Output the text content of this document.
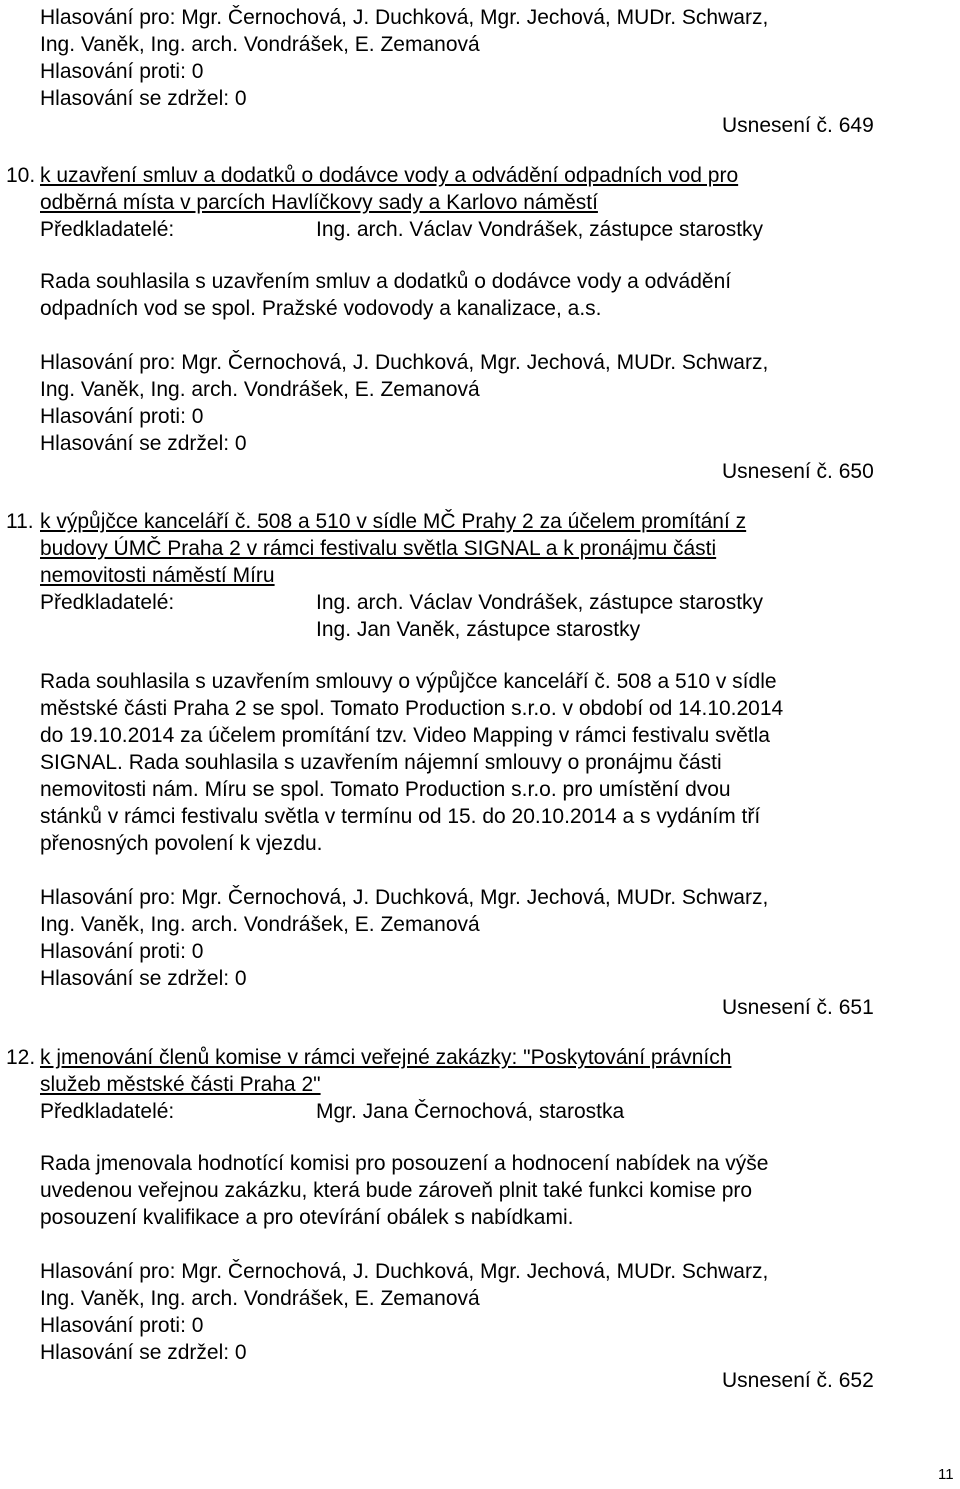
Hlasování pro: Mgr. Černochová, J. Duchková, Mgr. Jechová, MUDr. Schwarz,
Ing. Vaněk, Ing. arch. Vondrášek, E. Zemanová
Hlasování proti: 0
Hlasování se zdržel: 0
Usnesení č. 649
10. k uzavření smluv a dodatků o dodávce vody a odvádění odpadních vod pro
odběrná místa v parcích Havlíčkovy sady a Karlovo náměstí
Předkladatelé:	Ing. arch. Václav Vondrášek, zástupce starostky
Rada souhlasila s uzavřením smluv a dodatků o dodávce vody a odvádění
odpadních vod se spol. Pražské vodovody a kanalizace, a.s.
Hlasování pro: Mgr. Černochová, J. Duchková, Mgr. Jechová, MUDr. Schwarz,
Ing. Vaněk, Ing. arch. Vondrášek, E. Zemanová
Hlasování proti: 0
Hlasování se zdržel: 0
Usnesení č. 650
11. k výpůjčce kanceláří č. 508 a 510 v sídle MČ Prahy 2 za účelem promítání z
budovy ÚMČ Praha 2 v rámci festivalu světla SIGNAL a k pronájmu části
nemovitosti náměstí Míru
Předkladatelé:	Ing. arch. Václav Vondrášek, zástupce starostky
Ing. Jan Vaněk, zástupce starostky
Rada souhlasila s uzavřením smlouvy o výpůjčce kanceláří č. 508 a 510 v sídle
městské části Praha 2 se spol. Tomato Production s.r.o. v období od 14.10.2014
do 19.10.2014 za účelem promítání tzv. Video Mapping v rámci festivalu světla
SIGNAL. Rada souhlasila s uzavřením nájemní smlouvy o pronájmu části
nemovitosti nám. Míru se spol. Tomato Production s.r.o. pro umístění dvou
stánků v rámci festivalu světla v termínu od 15. do 20.10.2014 a s vydáním tří
přenosných povolení k vjezdu.
Hlasování pro: Mgr. Černochová, J. Duchková, Mgr. Jechová, MUDr. Schwarz,
Ing. Vaněk, Ing. arch. Vondrášek, E. Zemanová
Hlasování proti: 0
Hlasování se zdržel: 0
Usnesení č. 651
12. k jmenování členů komise v rámci veřejné zakázky: "Poskytování právních
služeb městské části Praha 2"
Předkladatelé:	Mgr. Jana Černochová, starostka
Rada jmenovala hodnotící komisi pro posouzení a hodnocení nabídek na výše
uvedenou veřejnou zakázku, která bude zároveň plnit také funkci komise pro
posouzení kvalifikace a pro otevírání obálek s nabídkami.
Hlasování pro: Mgr. Černochová, J. Duchková, Mgr. Jechová, MUDr. Schwarz,
Ing. Vaněk, Ing. arch. Vondrášek, E. Zemanová
Hlasování proti: 0
Hlasování se zdržel: 0
Usnesení č. 652
11
